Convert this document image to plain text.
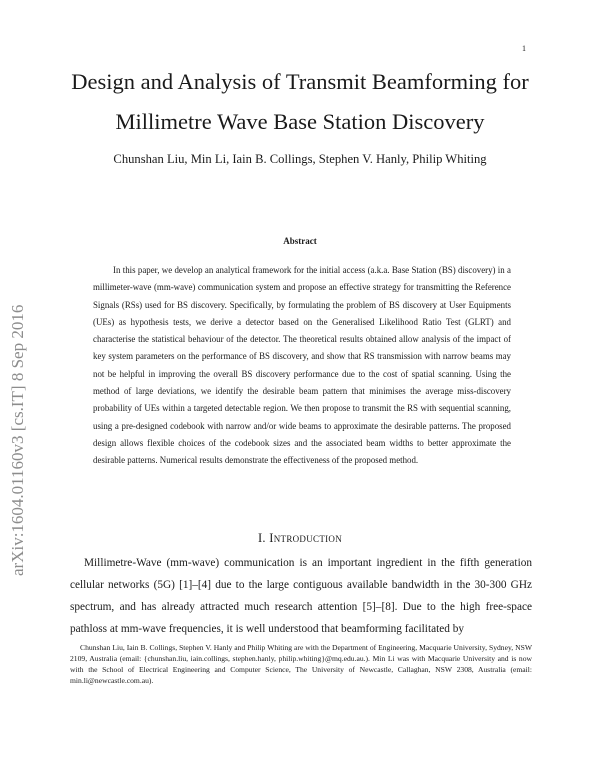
1
Design and Analysis of Transmit Beamforming for Millimetre Wave Base Station Discovery
Chunshan Liu, Min Li, Iain B. Collings, Stephen V. Hanly, Philip Whiting
arXiv:1604.01160v3 [cs.IT] 8 Sep 2016
Abstract

In this paper, we develop an analytical framework for the initial access (a.k.a. Base Station (BS) discovery) in a millimeter-wave (mm-wave) communication system and propose an effective strategy for transmitting the Reference Signals (RSs) used for BS discovery. Specifically, by formulating the problem of BS discovery at User Equipments (UEs) as hypothesis tests, we derive a detector based on the Generalised Likelihood Ratio Test (GLRT) and characterise the statistical behaviour of the detector. The theoretical results obtained allow analysis of the impact of key system parameters on the performance of BS discovery, and show that RS transmission with narrow beams may not be helpful in improving the overall BS discovery performance due to the cost of spatial scanning. Using the method of large deviations, we identify the desirable beam pattern that minimises the average miss-discovery probability of UEs within a targeted detectable region. We then propose to transmit the RS with sequential scanning, using a pre-designed codebook with narrow and/or wide beams to approximate the desirable patterns. The proposed design allows flexible choices of the codebook sizes and the associated beam widths to better approximate the desirable patterns. Numerical results demonstrate the effectiveness of the proposed method.

I. Introduction

Millimetre-Wave (mm-wave) communication is an important ingredient in the fifth generation cellular networks (5G) [1]–[4] due to the large contiguous available bandwidth in the 30-300 GHz spectrum, and has already attracted much research attention [5]–[8]. Due to the high free-space pathloss at mm-wave frequencies, it is well understood that beamforming facilitated by

Chunshan Liu, Iain B. Collings, Stephen V. Hanly and Philip Whiting are with the Department of Engineering, Macquarie University, Sydney, NSW 2109, Australia (email: {chunshan.liu, iain.collings, stephen.hanly, philip.whiting}@mq.edu.au.). Min Li was with Macquarie University and is now with the School of Electrical Engineering and Computer Science, The University of Newcastle, Callaghan, NSW 2308, Australia (email: min.li@newcastle.com.au).
